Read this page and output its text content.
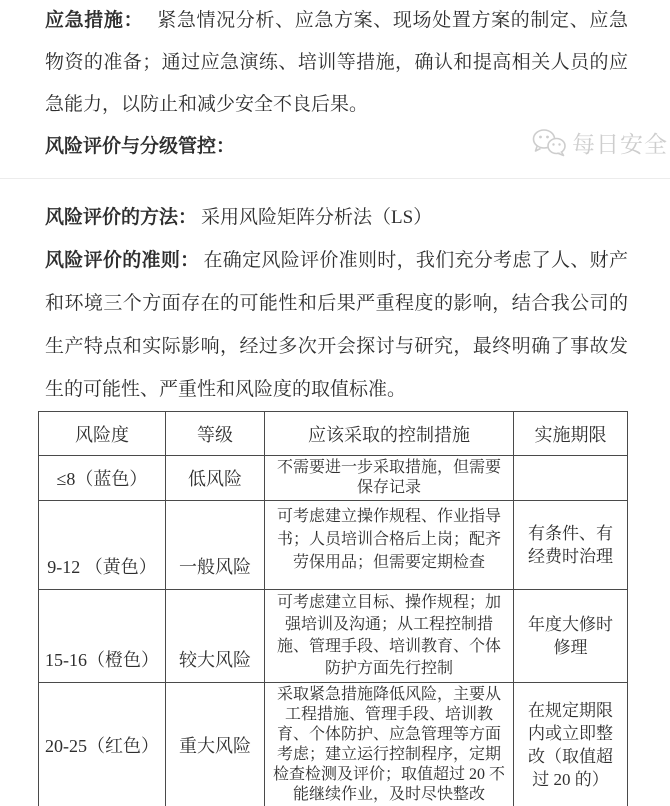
应急措施： 紧急情况分析、应急方案、现场处置方案的制定、应急物资的准备；通过应急演练、培训等措施，确认和提高相关人员的应急能力，以防止和减少安全不良后果。

风险评价与分级管控：	每日安全

风险评价的方法： 采用风险矩阵分析法（LS）

风险评价的准则： 在确定风险评价准则时，我们充分考虑了人、财产和环境三个方面存在的可能性和后果严重程度的影响，结合我公司的生产特点和实际影响，经过多次开会探讨与研究，最终明确了事故发生的可能性、严重性和风险度的取值标准。

风险度	等级	应该采取的控制措施	实施期限
≤8（蓝色）	低风险	不需要进一步采取措施，但需要保存记录	
9-12 （黄色）	一般风险	可考虑建立操作规程、作业指导书；人员培训合格后上岗；配齐劳保用品；但需要定期检查	有条件、有经费时治理
15-16（橙色）	较大风险	可考虑建立目标、操作规程；加强培训及沟通；从工程控制措施、管理手段、培训教育、个体防护方面先行控制	年度大修时修理
20-25（红色）	重大风险	采取紧急措施降低风险，主要从工程措施、管理手段、培训教育、个体防护、应急管理等方面考虑；建立运行控制程序，定期检查检测及评价；取值超过 20 不能继续作业，及时尽快整改	在规定期限内或立即整改（取值超过 20 的）
